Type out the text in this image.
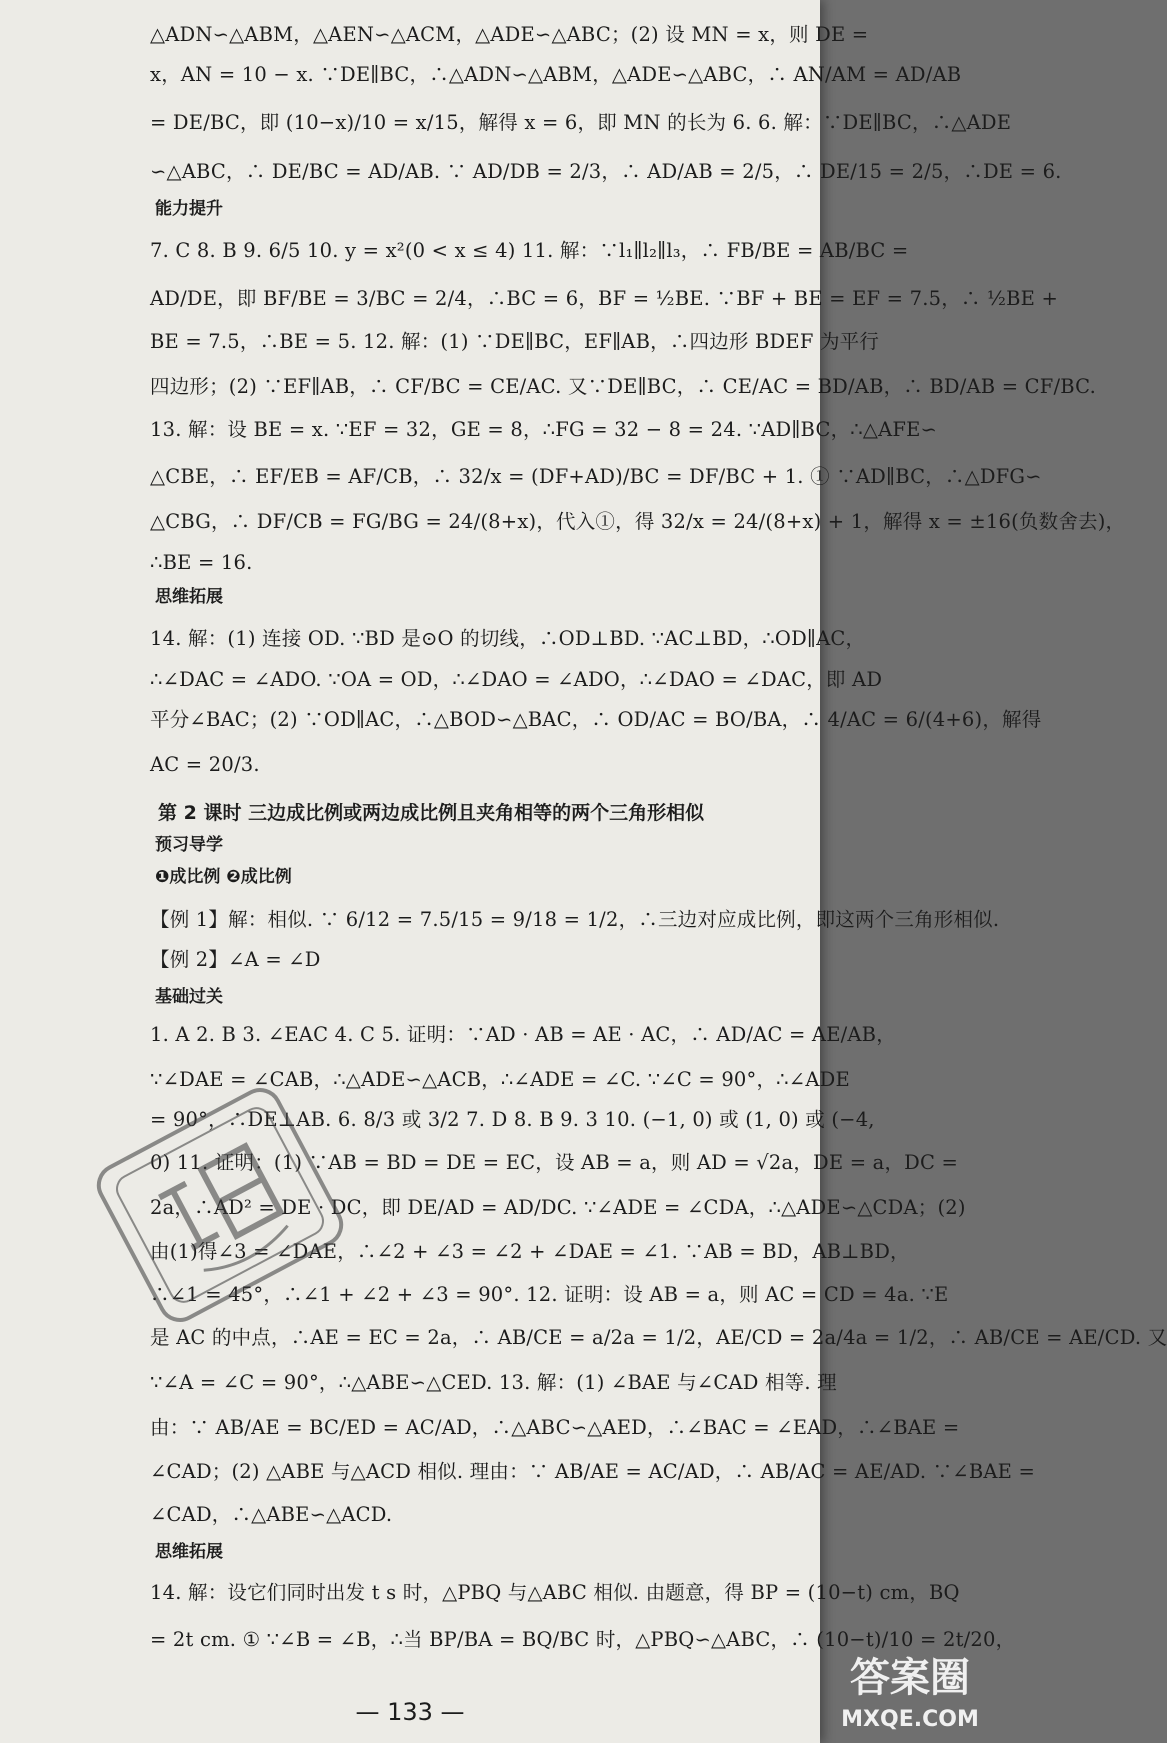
△ADN∽△ABM，△AEN∽△ACM，△ADE∽△ABC；(2) 设 MN = x，则 DE =

x，AN = 10 − x. ∵DE∥BC，∴△ADN∽△ABM，△ADE∽△ABC，∴ AN/AM = AD/AB

= DE/BC，即 (10−x)/10 = x/15，解得 x = 6，即 MN 的长为 6. 6. 解：∵DE∥BC，∴△ADE

∽△ABC，∴ DE/BC = AD/AB. ∵ AD/DB = 2/3，∴ AD/AB = 2/5，∴ DE/15 = 2/5，∴DE = 6.

能力提升

7. C 8. B 9. 6/5 10. y = x²(0 < x ≤ 4) 11. 解：∵l₁∥l₂∥l₃，∴ FB/BE = AB/BC =

AD/DE，即 BF/BE = 3/BC = 2/4，∴BC = 6，BF = ½BE. ∵BF + BE = EF = 7.5，∴ ½BE +

BE = 7.5，∴BE = 5. 12. 解：(1) ∵DE∥BC，EF∥AB，∴四边形 BDEF 为平行

四边形；(2) ∵EF∥AB，∴ CF/BC = CE/AC. 又∵DE∥BC，∴ CE/AC = BD/AB，∴ BD/AB = CF/BC.

13. 解：设 BE = x. ∵EF = 32，GE = 8，∴FG = 32 − 8 = 24. ∵AD∥BC，∴△AFE∽

△CBE，∴ EF/EB = AF/CB，∴ 32/x = (DF+AD)/BC = DF/BC + 1. ① ∵AD∥BC，∴△DFG∽

△CBG，∴ DF/CB = FG/BG = 24/(8+x)，代入①，得 32/x = 24/(8+x) + 1，解得 x = ±16(负数舍去)，

∴BE = 16.

思维拓展

14. 解：(1) 连接 OD. ∵BD 是⊙O 的切线，∴OD⊥BD. ∵AC⊥BD，∴OD∥AC，

∴∠DAC = ∠ADO. ∵OA = OD，∴∠DAO = ∠ADO，∴∠DAO = ∠DAC，即 AD

平分∠BAC；(2) ∵OD∥AC，∴△BOD∽△BAC，∴ OD/AC = BO/BA，∴ 4/AC = 6/(4+6)，解得

AC = 20/3.

第 2 课时 三边成比例或两边成比例且夹角相等的两个三角形相似

预习导学

❶成比例 ❷成比例

【例 1】解：相似. ∵ 6/12 = 7.5/15 = 9/18 = 1/2，∴三边对应成比例，即这两个三角形相似.

【例 2】∠A = ∠D

基础过关

1. A 2. B 3. ∠EAC 4. C 5. 证明：∵AD · AB = AE · AC，∴ AD/AC = AE/AB，

∵∠DAE = ∠CAB，∴△ADE∽△ACB，∴∠ADE = ∠C. ∵∠C = 90°，∴∠ADE

= 90°，∴DE⊥AB. 6. 8/3 或 3/2 7. D 8. B 9. 3 10. (−1, 0) 或 (1, 0) 或 (−4,

0) 11. 证明：(1) ∵AB = BD = DE = EC，设 AB = a，则 AD = √2a，DE = a，DC =

2a，∴AD² = DE · DC，即 DE/AD = AD/DC. ∵∠ADE = ∠CDA，∴△ADE∽△CDA；(2)

由(1)得∠3 = ∠DAE，∴∠2 + ∠3 = ∠2 + ∠DAE = ∠1. ∵AB = BD，AB⊥BD，

∴∠1 = 45°，∴∠1 + ∠2 + ∠3 = 90°. 12. 证明：设 AB = a，则 AC = CD = 4a. ∵E

是 AC 的中点，∴AE = EC = 2a，∴ AB/CE = a/2a = 1/2，AE/CD = 2a/4a = 1/2，∴ AB/CE = AE/CD. 又

∵∠A = ∠C = 90°，∴△ABE∽△CED. 13. 解：(1) ∠BAE 与∠CAD 相等. 理

由：∵ AB/AE = BC/ED = AC/AD，∴△ABC∽△AED，∴∠BAC = ∠EAD，∴∠BAE =

∠CAD；(2) △ABE 与△ACD 相似. 理由：∵ AB/AE = AC/AD，∴ AB/AC = AE/AD. ∵∠BAE =

∠CAD，∴△ABE∽△ACD.

思维拓展

14. 解：设它们同时出发 t s 时，△PBQ 与△ABC 相似. 由题意，得 BP = (10−t) cm，BQ

= 2t cm. ① ∵∠B = ∠B，∴当 BP/BA = BQ/BC 时，△PBQ∽△ABC，∴ (10−t)/10 = 2t/20，

— 133 —
答案圈
MXQE.COM
